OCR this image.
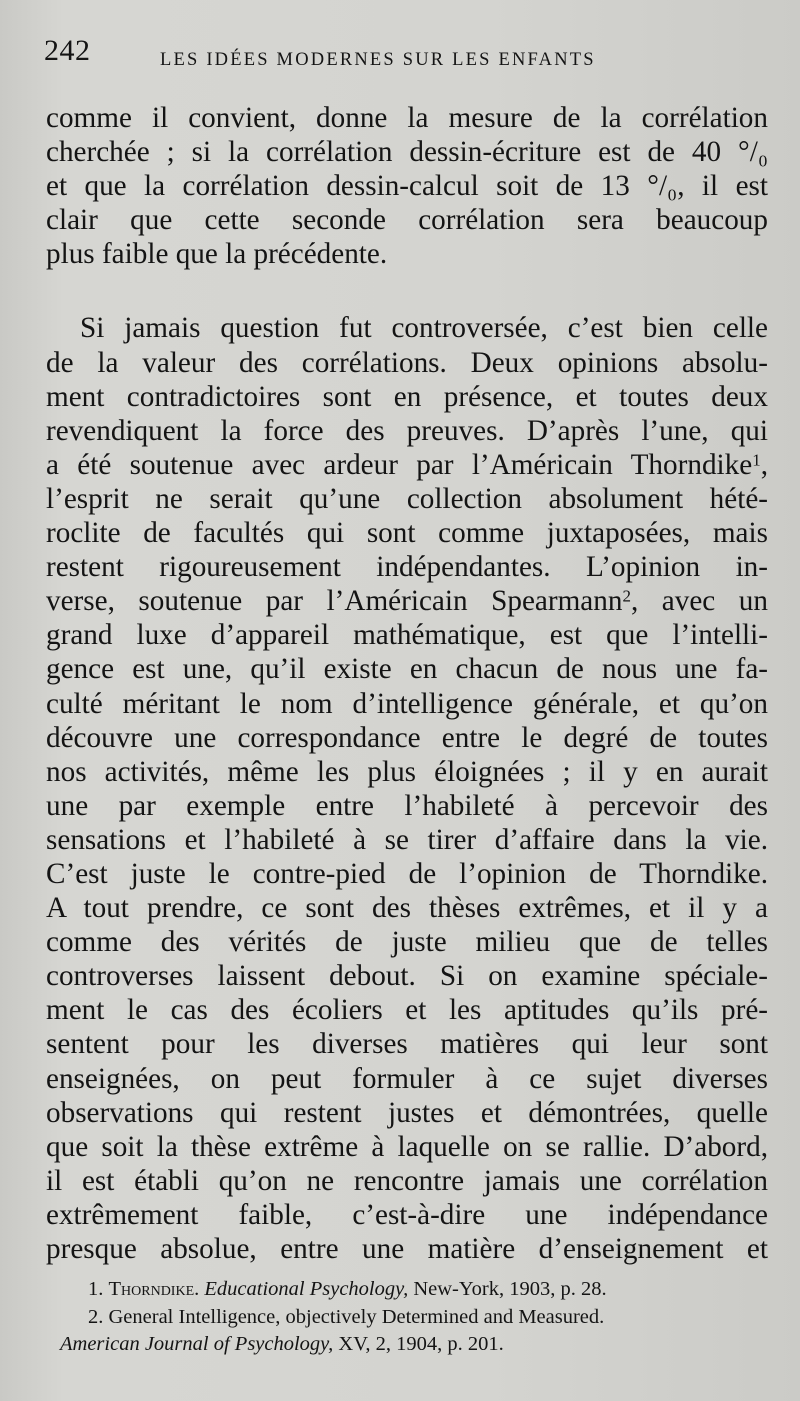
242	LES IDÉES MODERNES SUR LES ENFANTS
comme il convient, donne la mesure de la corrélation
cherchée ; si la corrélation dessin-écriture est de 40 °/₀
et que la corrélation dessin-calcul soit de 13 °/₀, il est
clair que cette seconde corrélation sera beaucoup
plus faible que la précédente.
Si jamais question fut controversée, c’est bien celle
de la valeur des corrélations. Deux opinions absolu-
ment contradictoires sont en présence, et toutes deux
revendiquent la force des preuves. D’après l’une, qui
a été soutenue avec ardeur par l’Américain Thorndike$^1$,
l’esprit ne serait qu’une collection absolument hété-
roclite de facultés qui sont comme juxtaposées, mais
restent rigoureusement indépendantes. L’opinion in-
verse, soutenue par l’Américain Spearmann$^2$, avec un
grand luxe d’appareil mathématique, est que l’intelli-
gence est une, qu’il existe en chacun de nous une fa-
culté méritant le nom d’intelligence générale, et qu’on
découvre une correspondance entre le degré de toutes
nos activités, même les plus éloignées ; il y en aurait
une par exemple entre l’habileté à percevoir des
sensations et l’habileté à se tirer d’affaire dans la vie.
C’est juste le contre-pied de l’opinion de Thorndike.
A tout prendre, ce sont des thèses extrêmes, et il y a
comme des vérités de juste milieu que de telles
controverses laissent debout. Si on examine spéciale-
ment le cas des écoliers et les aptitudes qu’ils pré-
sentent pour les diverses matières qui leur sont
enseignées, on peut formuler à ce sujet diverses
observations qui restent justes et démontrées, quelle
que soit la thèse extrême à laquelle on se rallie. D’abord,
il est établi qu’on ne rencontre jamais une corrélation
extrêmement faible, c’est-à-dire une indépendance
presque absolue, entre une matière d’enseignement et
1. Thorndike. Educational Psychology, New-York, 1903, p. 28.
2. General Intelligence, objectively Determined and Measured.
American Journal of Psychology, XV, 2, 1904, p. 201.
